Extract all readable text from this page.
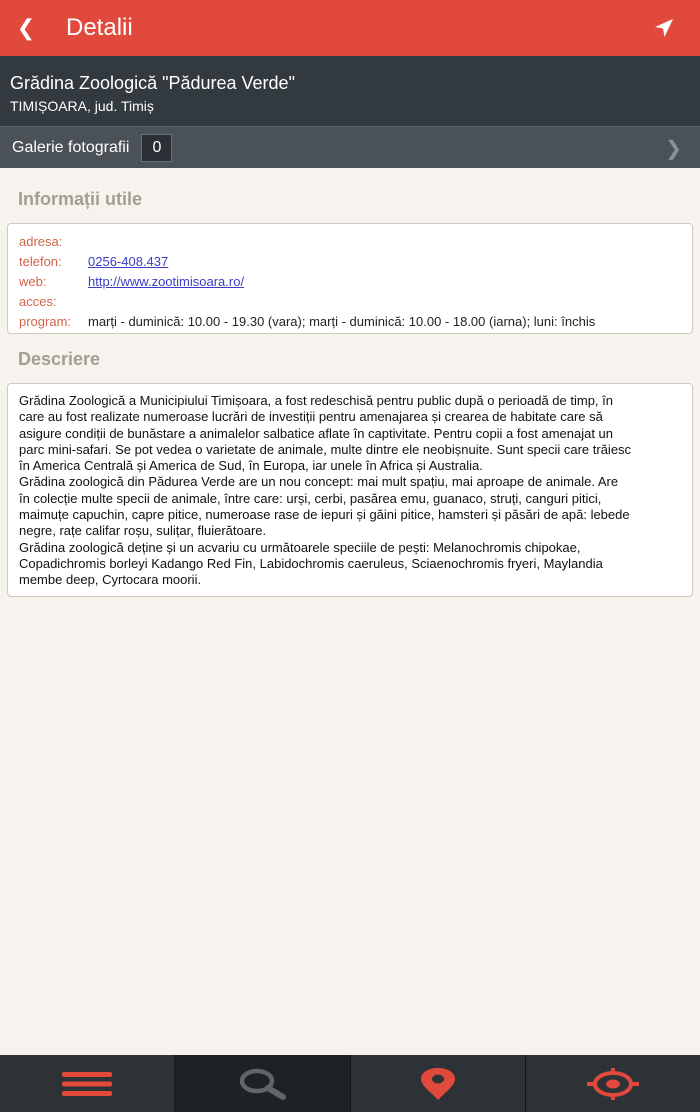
❮ Detalii
Grădina Zoologică "Pădurea Verde"
TIMIȘOARA, jud. Timiș
Galerie fotografii	0	❯
Informații utile
adresa:
telefon:	0256-408.437
web:	http://www.zootimisoara.ro/
acces:
program:	marți - duminică: 10.00 - 19.30 (vara); marți - duminică: 10.00 - 18.00 (iarna); luni: închis
Descriere
Grădina Zoologică a Municipiului Timișoara, a fost redeschisă pentru public după o perioadă de timp, în
care au fost realizate numeroase lucrări de investiții pentru amenajarea și crearea de habitate care să
asigure condiții de bunăstare a animalelor salbatice aflate în captivitate. Pentru copii a fost amenajat un
parc mini-safari. Se pot vedea o varietate de animale, multe dintre ele neobișnuite. Sunt specii care trăiesc
în America Centrală și America de Sud, în Europa, iar unele în Africa și Australia.
Grădina zoologică din Pădurea Verde are un nou concept: mai mult spațiu, mai aproape de animale. Are
în colecție multe specii de animale, între care: urși, cerbi, pasărea emu, guanaco, struți, canguri pitici,
maimuțe capuchin, capre pitice, numeroase rase de iepuri și găini pitice, hamsteri și păsări de apă: lebede
negre, rațe califar roșu, sulițar, fluierătoare.
Grădina zoologică deține și un acvariu cu următoarele speciile de pești: Melanochromis chipokae,
Copadichromis borleyi Kadango Red Fin, Labidochromis caeruleus, Sciaenochromis fryeri, Maylandia
membe deep, Cyrtocara moorii.
